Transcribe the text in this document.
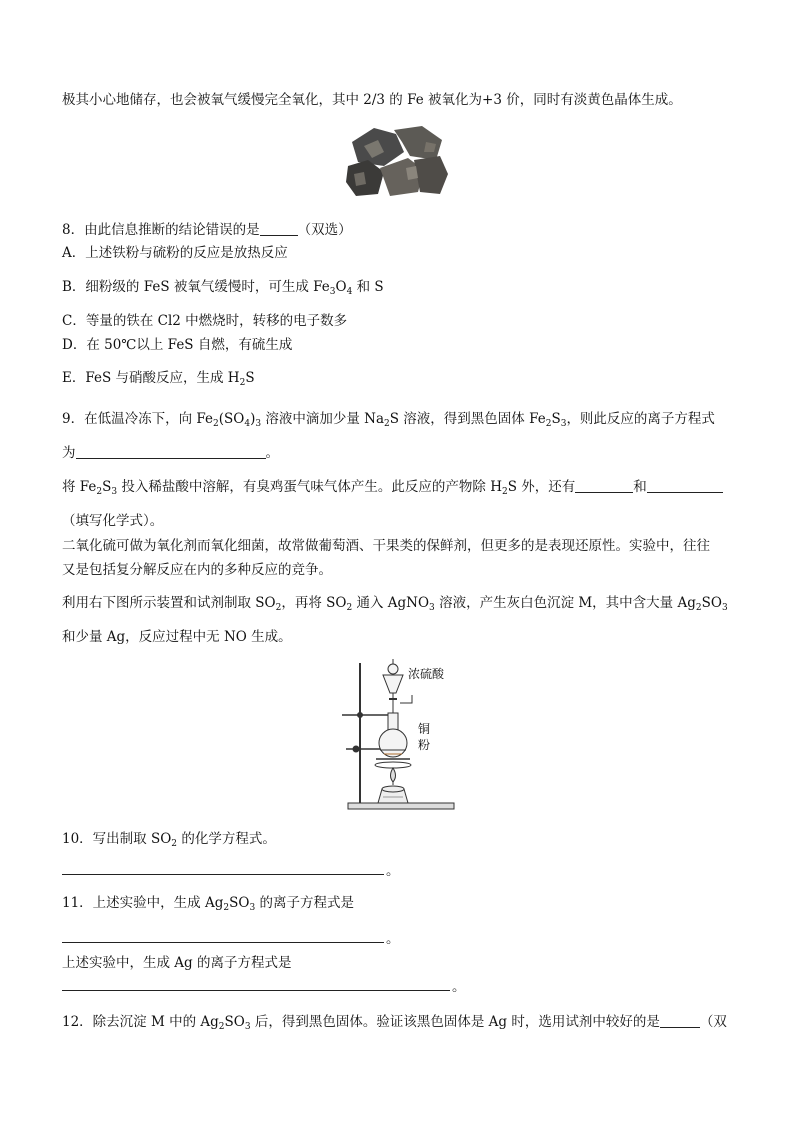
极其小心地储存，也会被氧气缓慢完全氧化，其中 2/3 的 Fe 被氧化为+3 价，同时有淡黄色晶体生成。
8．由此信息推断的结论错误的是	（双选）
A．上述铁粉与硫粉的反应是放热反应
B．细粉级的 FeS 被氧气缓慢时，可生成 $Fe_3O_4$ 和 S
C．等量的铁在 Cl2 中燃烧时，转移的电子数多
D．在 50℃以上 FeS 自燃，有硫生成
E．FeS 与硝酸反应，生成 $H_2S$
9．在低温冷冻下，向 $Fe_2(SO_4)_3$ 溶液中滴加少量 $Na_2S$ 溶液，得到黑色固体 $Fe_2S_3$，则此反应的离子方程式
为	。
将 $Fe_2S_3$ 投入稀盐酸中溶解，有臭鸡蛋气味气体产生。此反应的产物除 $H_2S$ 外，还有	和
（填写化学式）。
二氧化硫可做为氧化剂而氧化细菌，故常做葡萄酒、干果类的保鲜剂，但更多的是表现还原性。实验中，往往
又是包括复分解反应在内的多种反应的竞争。
利用右下图所示装置和试剂制取 $SO_2$，再将 $SO_2$ 通入 AgNO$_3$ 溶液，产生灰白色沉淀 M，其中含大量 $Ag_2SO_3$
和少量 Ag，反应过程中无 NO 生成。
浓硫酸
铜
粉
10．写出制取 $SO_2$ 的化学方程式。
。
11．上述实验中，生成 $Ag_2SO_3$ 的离子方程式是
。
上述实验中，生成 Ag 的离子方程式是
。
12．除去沉淀 M 中的 $Ag_2SO_3$ 后，得到黑色固体。验证该黑色固体是 Ag 时，选用试剂中较好的是	（双
